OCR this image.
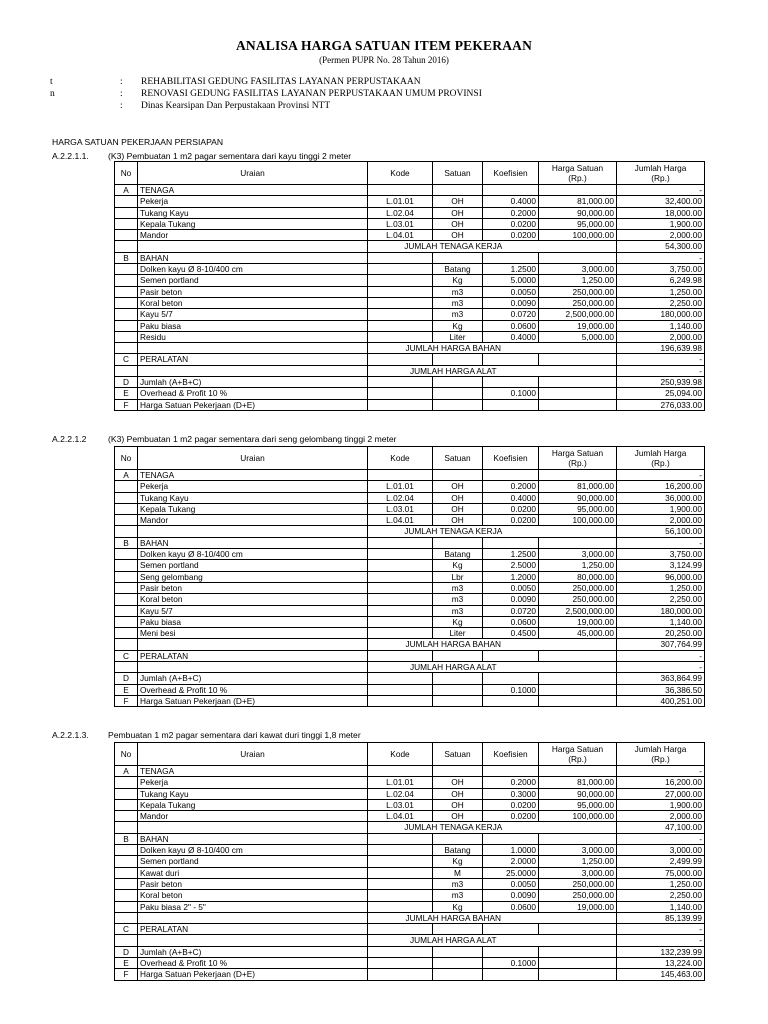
ANALISA HARGA SATUAN ITEM PEKERAAN
(Permen PUPR No. 28 Tahun 2016)
t	: REHABILITASI GEDUNG FASILITAS LAYANAN PERPUSTAKAAN
n	: RENOVASI GEDUNG FASILITAS LAYANAN PERPUSTAKAAN UMUM PROVINSI
: Dinas Kearsipan Dan Perpustakaan Provinsi NTT
HARGA SATUAN PEKERJAAN PERSIAPAN
A.2.2.1.1. (K3) Pembuatan 1 m2 pagar sementara dari kayu tinggi 2 meter
No	Uraian	Kode	Satuan	Koefisien	Harga Satuan
(Rp.)	Jumlah Harga
(Rp.)
A	TENAGA					-
	Pekerja	L.01.01	OH	0.4000	81,000.00	32,400.00
	Tukang Kayu	L.02.04	OH	0.2000	90,000.00	18,000.00
	Kepala Tukang	L.03.01	OH	0.0200	95,000.00	1,900.00
	Mandor	L.04.01	OH	0.0200	100,000.00	2,000.00
		JUMLAH TENAGA KERJA				54,300.00
B	BAHAN					-
	Dolken kayu Ø 8-10/400 cm		Batang	1.2500	3,000.00	3,750.00
	Semen portland		Kg	5.0000	1,250.00	6,249.98
	Pasir beton		m3	0.0050	250,000.00	1,250.00
	Koral beton		m3	0.0090	250,000.00	2,250.00
	Kayu 5/7		m3	0.0720	2,500,000.00	180,000.00
	Paku biasa		Kg	0.0600	19,000.00	1,140.00
	Residu		Liter	0.4000	5,000.00	2,000.00
		JUMLAH HARGA BAHAN				196,639.98
C	PERALATAN					-
		JUMLAH HARGA ALAT				-
D	Jumlah (A+B+C)					250,939.98
E	Overhead & Profit 10 %			0.1000		25,094.00
F	Harga Satuan Pekerjaan (D+E)					276,033.00
A.2.2.1.2	(K3) Pembuatan 1 m2 pagar sementara dari seng gelombang tinggi 2 meter
No	Uraian	Kode	Satuan	Koefisien	Harga Satuan
(Rp.)	Jumlah Harga
(Rp.)
A	TENAGA					-
	Pekerja	L.01.01	OH	0.2000	81,000.00	16,200.00
	Tukang Kayu	L.02.04	OH	0.4000	90,000.00	36,000.00
	Kepala Tukang	L.03.01	OH	0.0200	95,000.00	1,900.00
	Mandor	L.04.01	OH	0.0200	100,000.00	2,000.00
		JUMLAH TENAGA KERJA				56,100.00
B	BAHAN					-
	Dolken kayu Ø 8-10/400 cm		Batang	1.2500	3,000.00	3,750.00
	Semen portland		Kg	2.5000	1,250.00	3,124.99
	Seng gelombang		Lbr	1.2000	80,000.00	96,000.00
	Pasir beton		m3	0.0050	250,000.00	1,250.00
	Koral beton		m3	0.0090	250,000.00	2,250.00
	Kayu 5/7		m3	0.0720	2,500,000.00	180,000.00
	Paku biasa		Kg	0.0600	19,000.00	1,140.00
	Meni besi		Liter	0.4500	45,000.00	20,250.00
		JUMLAH HARGA BAHAN				307,764.99
C	PERALATAN					-
		JUMLAH HARGA ALAT				-
D	Jumlah (A+B+C)					363,864.99
E	Overhead & Profit 10 %			0.1000		36,386.50
F	Harga Satuan Pekerjaan (D+E)					400,251.00
A.2.2.1.3. Pembuatan 1 m2 pagar sementara dari kawat duri tinggi 1,8 meter
No	Uraian	Kode	Satuan	Koefisien	Harga Satuan
(Rp.)	Jumlah Harga
(Rp.)
A	TENAGA					-
	Pekerja	L.01.01	OH	0.2000	81,000.00	16,200.00
	Tukang Kayu	L.02.04	OH	0.3000	90,000.00	27,000.00
	Kepala Tukang	L.03.01	OH	0.0200	95,000.00	1,900.00
	Mandor	L.04.01	OH	0.0200	100,000.00	2,000.00
		JUMLAH TENAGA KERJA				47,100.00
B	BAHAN					-
	Dolken kayu Ø 8-10/400 cm		Batang	1.0000	3,000.00	3,000.00
	Semen portland		Kg	2.0000	1,250.00	2,499.99
	Kawat duri		M	25.0000	3,000.00	75,000.00
	Pasir beton		m3	0.0050	250,000.00	1,250.00
	Koral beton		m3	0.0090	250,000.00	2,250.00
	Paku biasa 2" - 5"		Kg	0.0600	19,000.00	1,140.00
		JUMLAH HARGA BAHAN				85,139.99
C	PERALATAN					-
		JUMLAH HARGA ALAT				-
D	Jumlah (A+B+C)					132,239.99
E	Overhead & Profit 10 %			0.1000		13,224.00
F	Harga Satuan Pekerjaan (D+E)					145,463.00
